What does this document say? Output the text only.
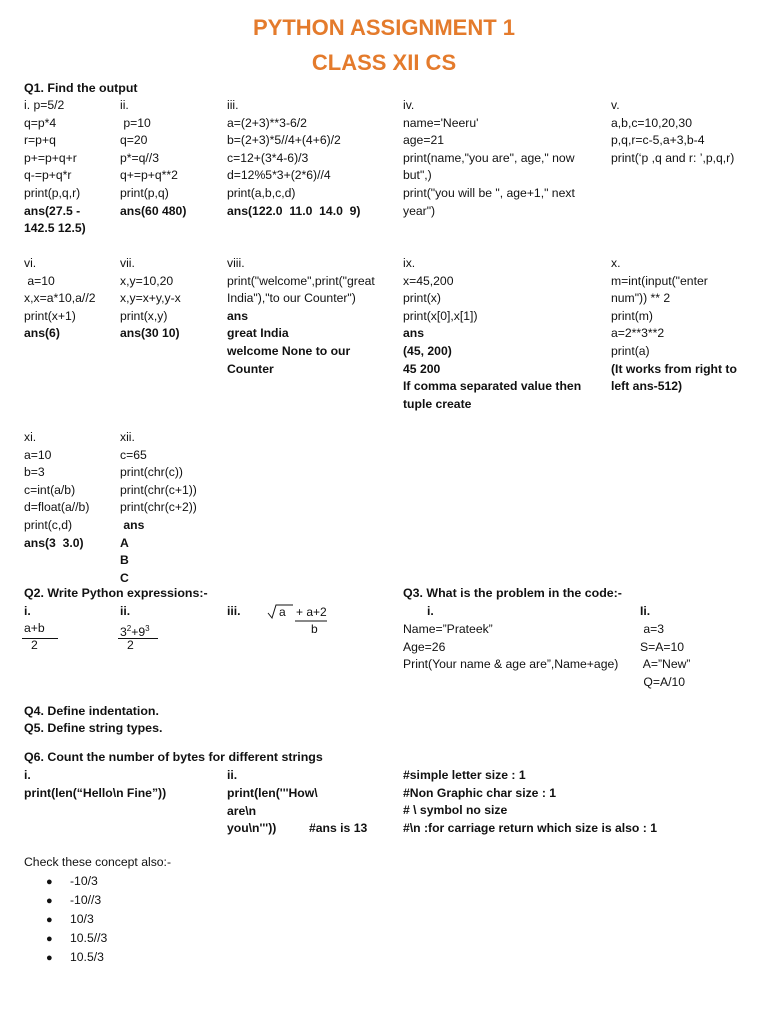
PYTHON ASSIGNMENT 1
CLASS XII CS
Q1. Find the output
i. p=5/2
q=p*4
r=p+q
p+=p+q+r
q-=p+q*r
print(p,q,r)
ans(27.5 -
142.5 12.5)
ii.
p=10
q=20
p*=q//3
q+=p+q**2
print(p,q)
ans(60 480)
iii.
a=(2+3)**3-6/2
b=(2+3)*5//4+(4+6)/2
c=12+(3*4-6)/3
d=12%5*3+(2*6)//4
print(a,b,c,d)
ans(122.0  11.0  14.0  9)
iv.
name='Neeru'
age=21
print(name,"you are", age," now
but",)
print("you will be ", age+1," next
year")
v.
a,b,c=10,20,30
p,q,r=c-5,a+3,b-4
print(‘p ,q and r: ’,p,q,r)
vi.
a=10
x,x=a*10,a//2
print(x+1)
ans(6)
vii.
x,y=10,20
x,y=x+y,y-x
print(x,y)
ans(30 10)
viii.
print("welcome",print("great
India"),"to our Counter")
ans
great India
welcome None to our
Counter
ix.
x=45,200
print(x)
print(x[0],x[1])
ans
(45, 200)
45 200
If comma separated value then
tuple create
x.
m=int(input("enter
num")) ** 2
print(m)
a=2**3**2
print(a)
(It works from right to
left ans-512)
xi.
a=10
b=3
c=int(a/b)
d=float(a//b)
print(c,d)
ans(3  3.0)
xii.
c=65
print(chr(c))
print(chr(c+1))
print(chr(c+2))
ans
A
B
C
Q2. Write Python expressions:-
i.
a+b
2
ii.
$3^2+9^3$
2
iii.	a + a+2
b
Q3. What is the problem in the code:-
i.
Name=”Prateek”
Age=26
Print(Your name & age are”,Name+age)
Ii.
a=3
S=A=10
A=”New”
Q=A/10
Q4. Define indentation.
Q5. Define string types.
Q6. Count the number of bytes for different strings
i.
print(len(“Hello\n Fine”))
ii.
print(len('''How\
are\n
you\n'''))	#ans is 13
#simple letter size : 1
#Non Graphic char size : 1
# \ symbol no size
#\n :for carriage return which size is also : 1
Check these concept also:-
● -10/3
● -10//3
● 10/3
● 10.5//3
● 10.5/3
